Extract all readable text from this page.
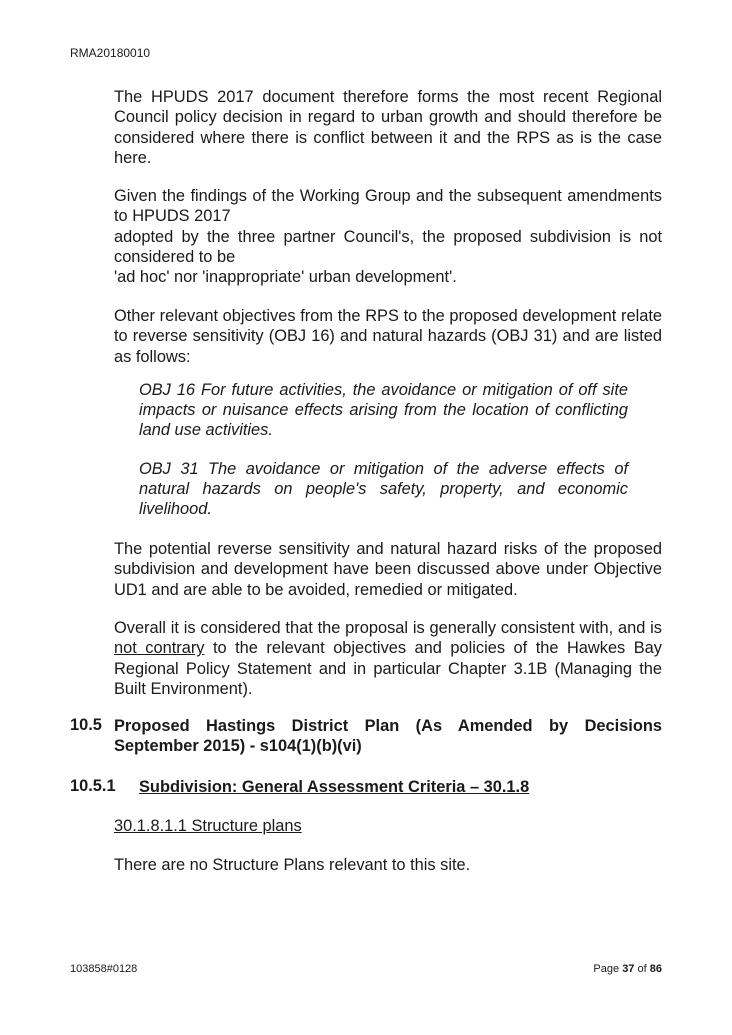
RMA20180010

The HPUDS 2017 document therefore forms the most recent Regional Council policy decision in regard to urban growth and should therefore be considered where there is conflict between it and the RPS as is the case here.

Given the findings of the Working Group and the subsequent amendments to HPUDS 2017

adopted by the three partner Council's, the proposed subdivision is not considered to be

'ad hoc' nor 'inappropriate' urban development'.

Other relevant objectives from the RPS to the proposed development relate to reverse sensitivity (OBJ 16) and natural hazards (OBJ 31) and are listed as follows:

OBJ 16 For future activities, the avoidance or mitigation of off site impacts or nuisance effects arising from the location of conflicting land use activities.

OBJ 31 The avoidance or mitigation of the adverse effects of natural hazards on people's safety, property, and economic livelihood.

The potential reverse sensitivity and natural hazard risks of the proposed subdivision and development have been discussed above under Objective UD1 and are able to be avoided, remedied or mitigated.

Overall it is considered that the proposal is generally consistent with, and is not contrary to the relevant objectives and policies of the Hawkes Bay Regional Policy Statement and in particular Chapter 3.1B (Managing the Built Environment).

10.5 Proposed Hastings District Plan (As Amended by Decisions September 2015) - s104(1)(b)(vi)
10.5.1 Subdivision: General Assessment Criteria – 30.1.8
30.1.8.1.1 Structure plans
There are no Structure Plans relevant to this site.
103858#0128	Page 37 of 86
